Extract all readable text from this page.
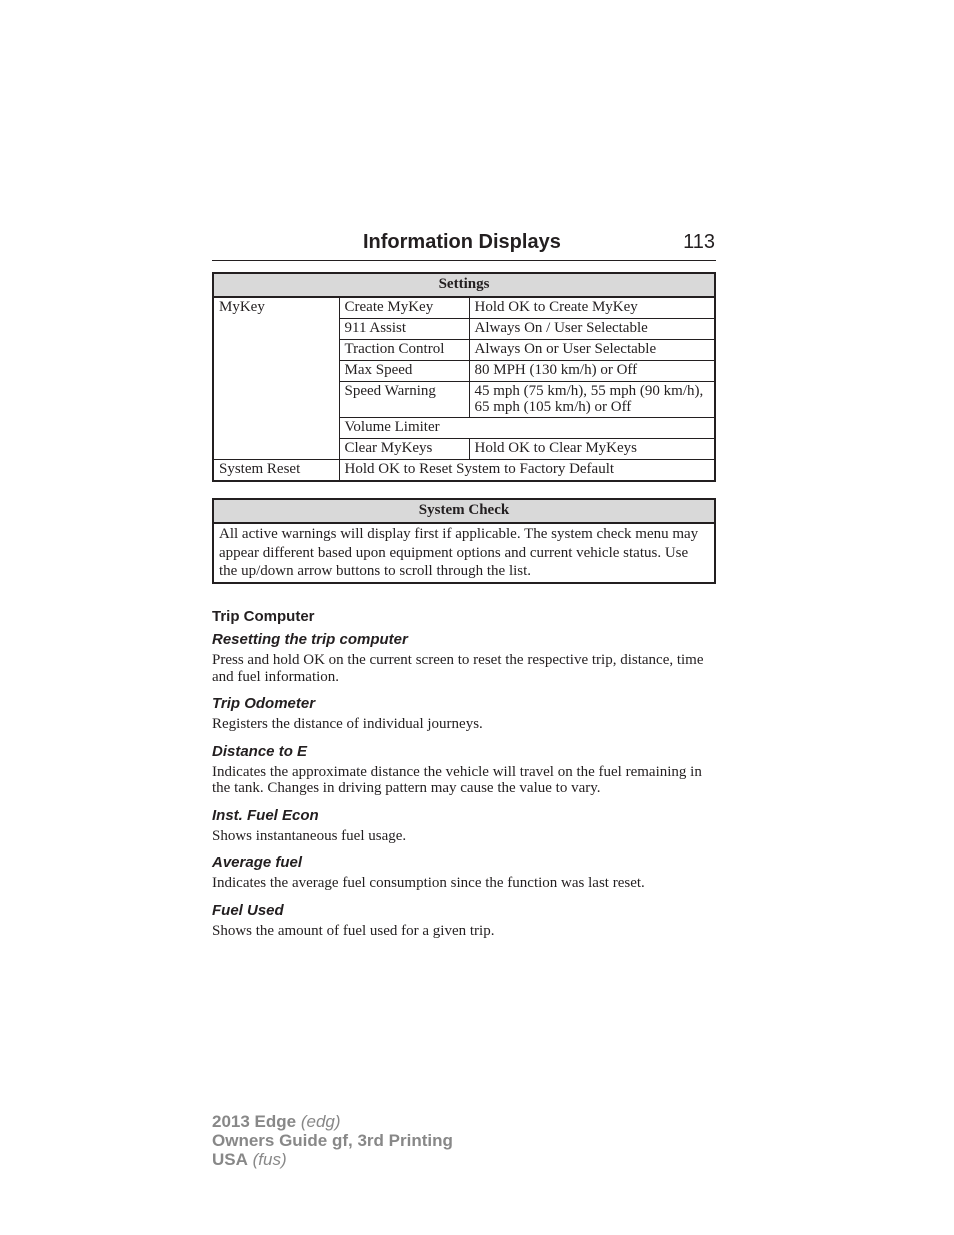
Information Displays	113
Settings		
MyKey	Create MyKey	Hold OK to Create MyKey
	911 Assist	Always On / User Selectable
	Traction Control	Always On or User Selectable
	Max Speed	80 MPH (130 km/h) or Off
	Speed Warning	45 mph (75 km/h), 55 mph (90 km/h), 65 mph (105 km/h) or Off
	Volume Limiter	
	Clear MyKeys	Hold OK to Clear MyKeys
System Reset	Hold OK to Reset System to Factory Default	
System Check
All active warnings will display first if applicable. The system check menu may appear different based upon equipment options and current vehicle status. Use the up/down arrow buttons to scroll through the list.
Trip Computer
Resetting the trip computer
Press and hold OK on the current screen to reset the respective trip, distance, time and fuel information.
Trip Odometer
Registers the distance of individual journeys.
Distance to E
Indicates the approximate distance the vehicle will travel on the fuel remaining in the tank. Changes in driving pattern may cause the value to vary.
Inst. Fuel Econ
Shows instantaneous fuel usage.
Average fuel
Indicates the average fuel consumption since the function was last reset.
Fuel Used
Shows the amount of fuel used for a given trip.
2013 Edge (edg)
Owners Guide gf, 3rd Printing
USA (fus)
